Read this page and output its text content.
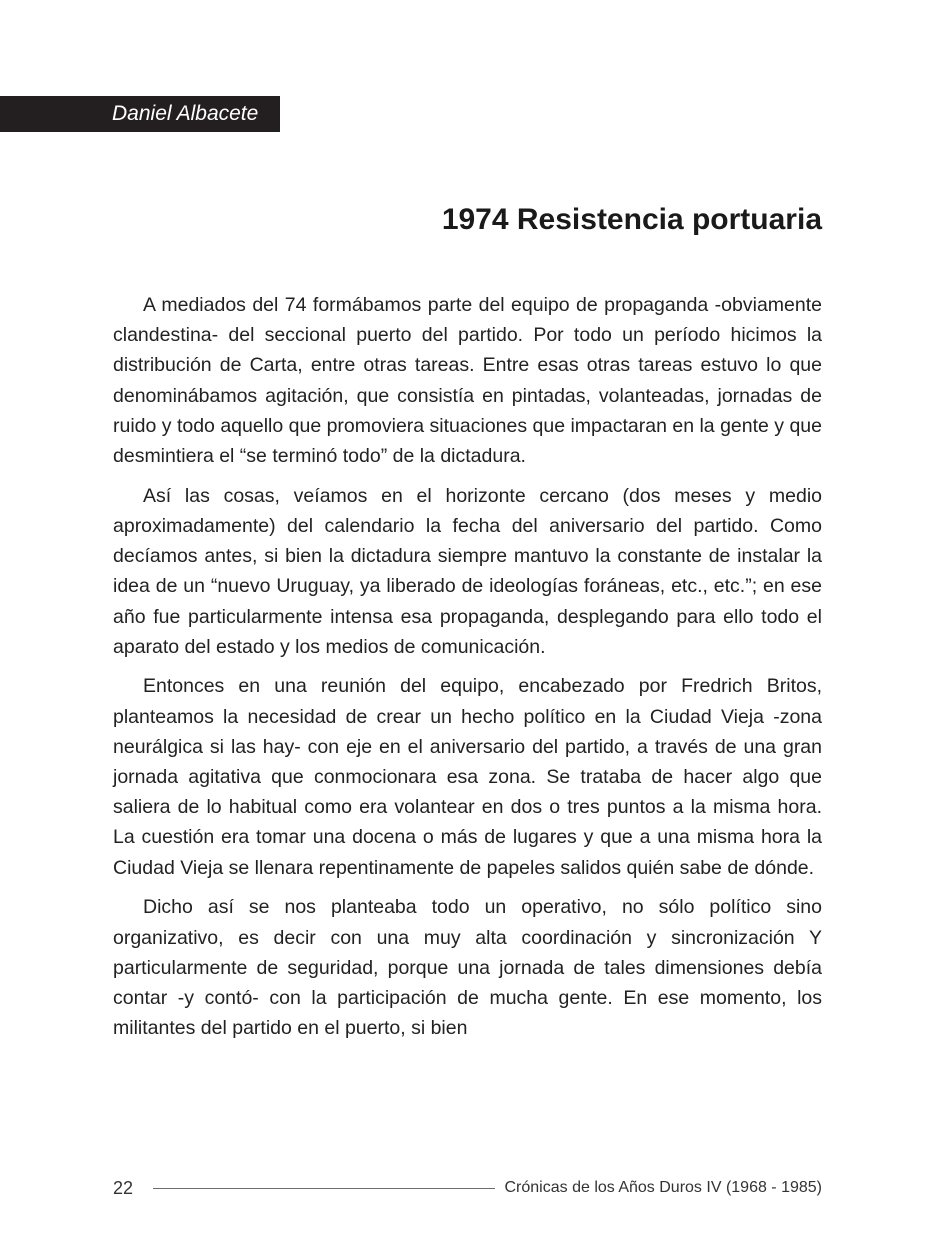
Daniel Albacete
1974 Resistencia portuaria

A mediados del 74 formábamos parte del equipo de propaganda -obviamente clandestina- del seccional puerto del partido. Por todo un período hicimos la distribución de Carta, entre otras tareas. Entre esas otras tareas estuvo lo que denominábamos agitación, que consistía en pintadas, volanteadas, jornadas de ruido y todo aquello que promoviera situaciones que impactaran en la gente y que desmintiera el “se terminó todo” de la dictadura.

Así las cosas, veíamos en el horizonte cercano (dos meses y medio aproximadamente) del calendario la fecha del aniversario del partido. Como decíamos antes, si bien la dictadura siempre mantuvo la constante de instalar la idea de un “nuevo Uruguay, ya liberado de ideologías foráneas, etc., etc.”; en ese año fue particularmente intensa esa propaganda, desplegando para ello todo el aparato del estado y los medios de comunicación.

Entonces en una reunión del equipo, encabezado por Fredrich Britos, planteamos la necesidad de crear un hecho político en la Ciudad Vieja -zona neurálgica si las hay- con eje en el aniversario del partido, a través de una gran jornada agitativa que conmocionara esa zona. Se trataba de hacer algo que saliera de lo habitual como era volantear en dos o tres puntos a la misma hora. La cuestión era tomar una docena o más de lugares y que a una misma hora la Ciudad Vieja se llenara repentinamente de papeles salidos quién sabe de dónde.

Dicho así se nos planteaba todo un operativo, no sólo político sino organizativo, es decir con una muy alta coordinación y sincronización Y particularmente de seguridad, porque una jornada de tales dimensiones debía contar -y contó- con la participación de mucha gente. En ese momento, los militantes del partido en el puerto, si bien

22	Crónicas de los Años Duros IV (1968 - 1985)
